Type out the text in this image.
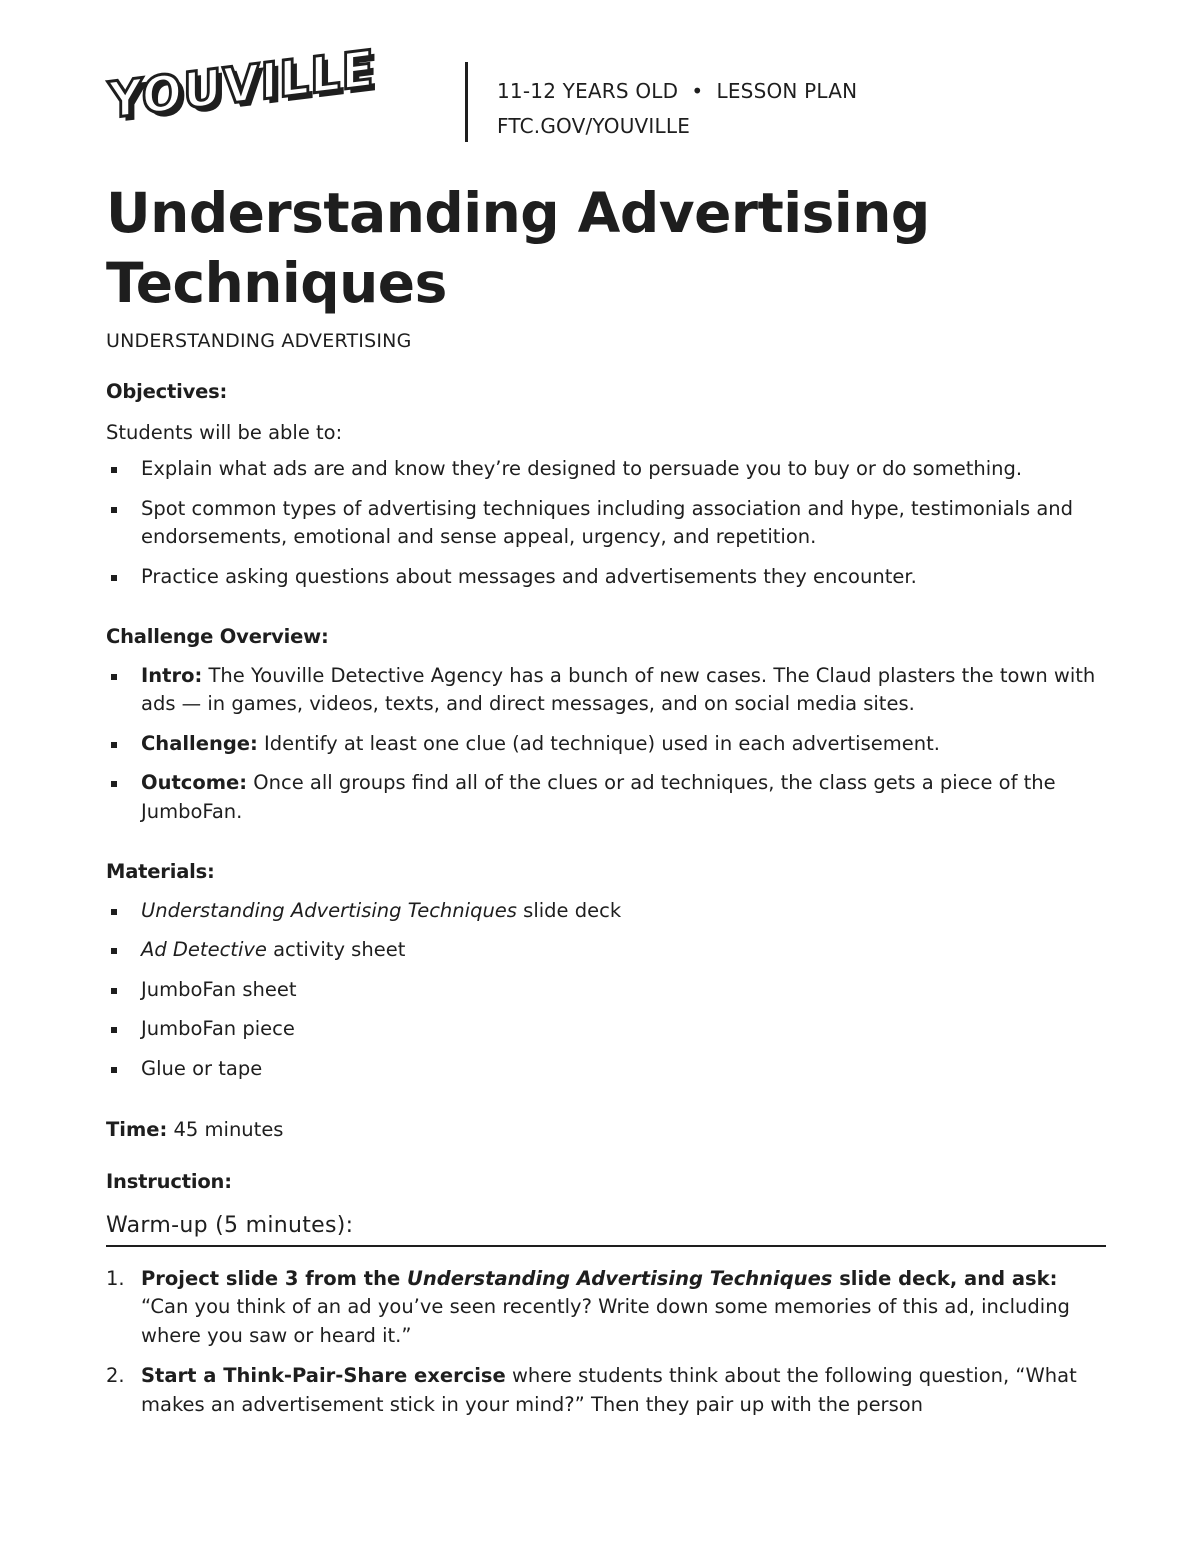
YOUVILLE	11-12 YEARS OLD • LESSON PLAN
FTC.GOV/YOUVILLE
Understanding Advertising
Techniques
UNDERSTANDING ADVERTISING

Objectives:

Students will be able to:

Explain what ads are and know they’re designed to persuade you to buy or do something.
Spot common types of advertising techniques including association and hype, testimonials and endorsements, emotional and sense appeal, urgency, and repetition.
Practice asking questions about messages and advertisements they encounter.

Challenge Overview:

Intro: The Youville Detective Agency has a bunch of new cases. The Claud plasters the town with ads — in games, videos, texts, and direct messages, and on social media sites.
Challenge: Identify at least one clue (ad technique) used in each advertisement.
Outcome: Once all groups find all of the clues or ad techniques, the class gets a piece of the JumboFan.

Materials:

Understanding Advertising Techniques slide deck
Ad Detective activity sheet
JumboFan sheet
JumboFan piece
Glue or tape

Time: 45 minutes

Instruction:

Warm-up (5 minutes):

1. Project slide 3 from the Understanding Advertising Techniques slide deck, and ask: “Can you think of an ad you’ve seen recently? Write down some memories of this ad, including where you saw or heard it.”
2. Start a Think-Pair-Share exercise where students think about the following question, “What makes an advertisement stick in your mind?” Then they pair up with the person
